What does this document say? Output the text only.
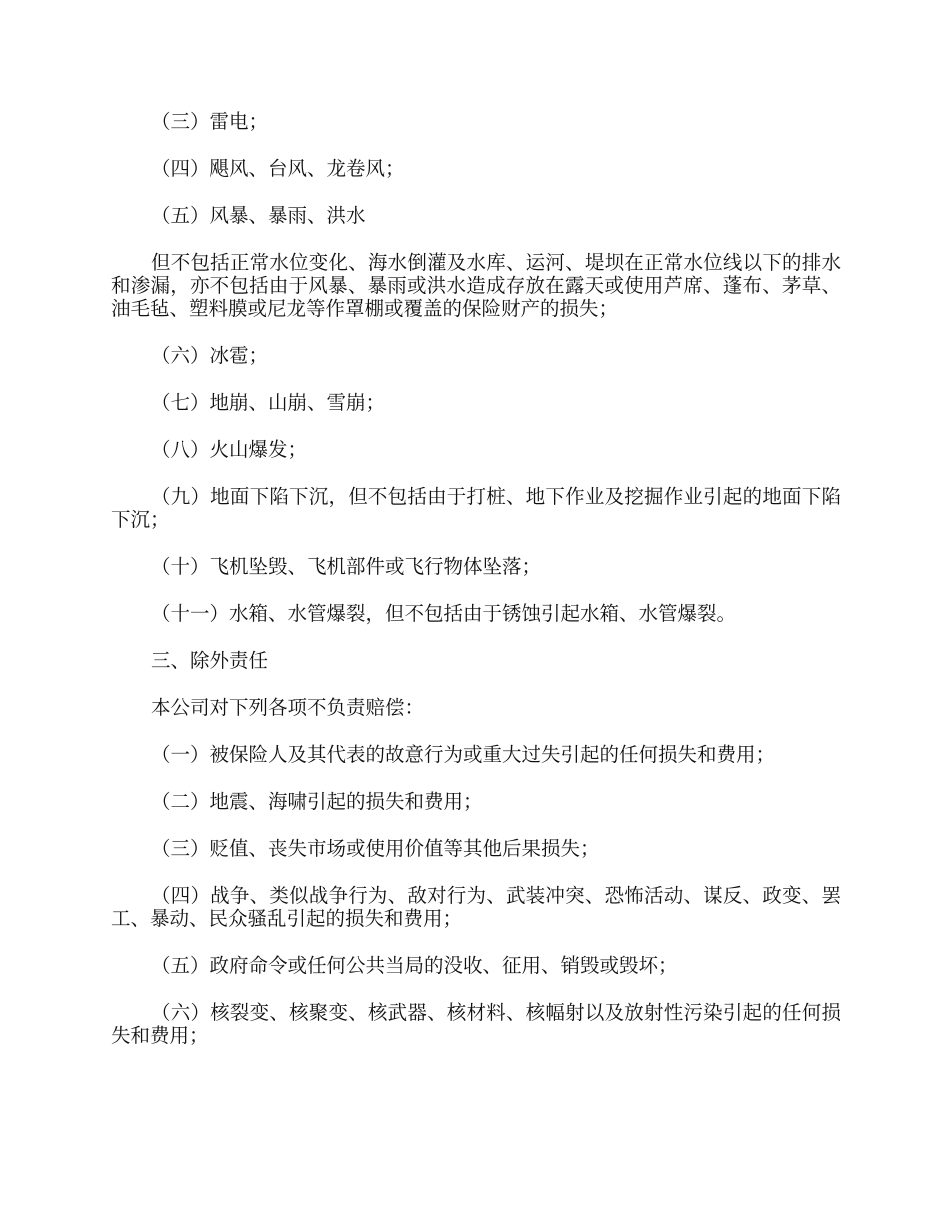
（三）雷电；

（四）飓风、台风、龙卷风；

（五）风暴、暴雨、洪水

但不包括正常水位变化、海水倒灌及水库、运河、堤坝在正常水位线以下的排水和渗漏，亦不包括由于风暴、暴雨或洪水造成存放在露天或使用芦席、蓬布、茅草、油毛毡、塑料膜或尼龙等作罩棚或覆盖的保险财产的损失；

（六）冰雹；

（七）地崩、山崩、雪崩；

（八）火山爆发；

（九）地面下陷下沉，但不包括由于打桩、地下作业及挖掘作业引起的地面下陷下沉；

（十）飞机坠毁、飞机部件或飞行物体坠落；

（十一）水箱、水管爆裂，但不包括由于锈蚀引起水箱、水管爆裂。

三、除外责任

本公司对下列各项不负责赔偿：

（一）被保险人及其代表的故意行为或重大过失引起的任何损失和费用；

（二）地震、海啸引起的损失和费用；

（三）贬值、丧失市场或使用价值等其他后果损失；

（四）战争、类似战争行为、敌对行为、武装冲突、恐怖活动、谋反、政变、罢工、暴动、民众骚乱引起的损失和费用；

（五）政府命令或任何公共当局的没收、征用、销毁或毁坏；

（六）核裂变、核聚变、核武器、核材料、核幅射以及放射性污染引起的任何损失和费用；
